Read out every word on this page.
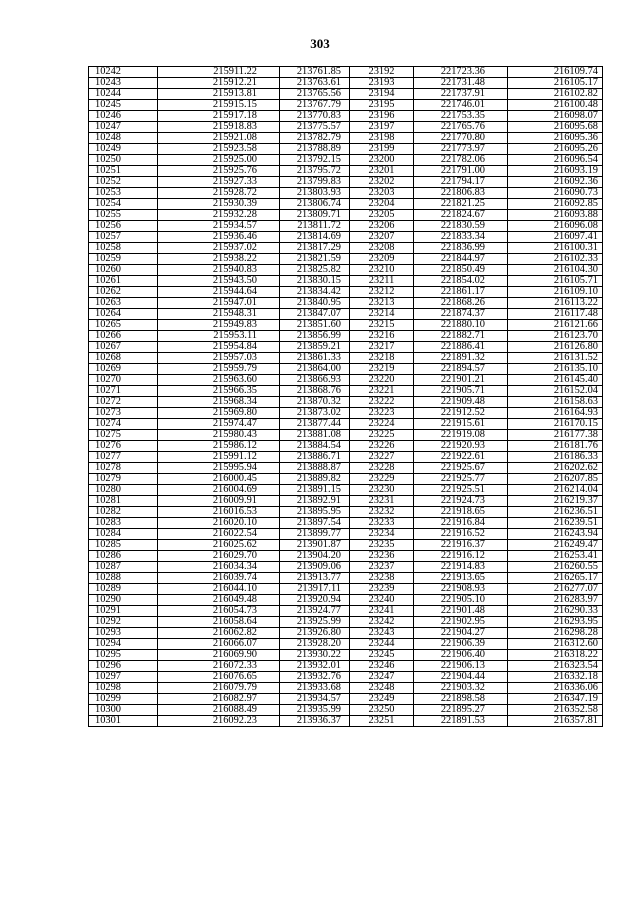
303
10242	215911.22	213761.85	23192	221723.36	216109.74
10243	215912.21	213763.61	23193	221731.48	216105.17
10244	215913.81	213765.56	23194	221737.91	216102.82
10245	215915.15	213767.79	23195	221746.01	216100.48
10246	215917.18	213770.83	23196	221753.35	216098.07
10247	215918.83	213775.57	23197	221765.76	216095.68
10248	215921.08	213782.79	23198	221770.80	216095.36
10249	215923.58	213788.89	23199	221773.97	216095.26
10250	215925.00	213792.15	23200	221782.06	216096.54
10251	215925.76	213795.72	23201	221791.00	216093.19
10252	215927.33	213799.83	23202	221794.17	216092.36
10253	215928.72	213803.93	23203	221806.83	216090.73
10254	215930.39	213806.74	23204	221821.25	216092.85
10255	215932.28	213809.71	23205	221824.67	216093.88
10256	215934.57	213811.72	23206	221830.59	216096.08
10257	215936.46	213814.69	23207	221833.34	216097.41
10258	215937.02	213817.29	23208	221836.99	216100.31
10259	215938.22	213821.59	23209	221844.97	216102.33
10260	215940.83	213825.82	23210	221850.49	216104.30
10261	215943.50	213830.15	23211	221854.02	216105.71
10262	215944.64	213834.42	23212	221861.17	216109.10
10263	215947.01	213840.95	23213	221868.26	216113.22
10264	215948.31	213847.07	23214	221874.37	216117.48
10265	215949.83	213851.60	23215	221880.10	216121.66
10266	215953.11	213856.99	23216	221882.71	216123.70
10267	215954.84	213859.21	23217	221886.41	216126.80
10268	215957.03	213861.33	23218	221891.32	216131.52
10269	215959.79	213864.00	23219	221894.57	216135.10
10270	215963.60	213866.93	23220	221901.21	216145.40
10271	215966.35	213868.76	23221	221905.71	216152.04
10272	215968.34	213870.32	23222	221909.48	216158.63
10273	215969.80	213873.02	23223	221912.52	216164.93
10274	215974.47	213877.44	23224	221915.61	216170.15
10275	215980.43	213881.08	23225	221919.08	216177.38
10276	215986.12	213884.54	23226	221920.93	216181.76
10277	215991.12	213886.71	23227	221922.61	216186.33
10278	215995.94	213888.87	23228	221925.67	216202.62
10279	216000.45	213889.82	23229	221925.77	216207.85
10280	216004.69	213891.15	23230	221925.51	216214.04
10281	216009.91	213892.91	23231	221924.73	216219.37
10282	216016.53	213895.95	23232	221918.65	216236.51
10283	216020.10	213897.54	23233	221916.84	216239.51
10284	216022.54	213899.77	23234	221916.52	216243.94
10285	216025.62	213901.87	23235	221916.37	216249.47
10286	216029.70	213904.20	23236	221916.12	216253.41
10287	216034.34	213909.06	23237	221914.83	216260.55
10288	216039.74	213913.77	23238	221913.65	216265.17
10289	216044.10	213917.11	23239	221908.93	216277.07
10290	216049.48	213920.94	23240	221905.10	216283.97
10291	216054.73	213924.77	23241	221901.48	216290.33
10292	216058.64	213925.99	23242	221902.95	216293.95
10293	216062.82	213926.80	23243	221904.27	216298.28
10294	216066.07	213928.20	23244	221906.39	216312.60
10295	216069.90	213930.22	23245	221906.40	216318.22
10296	216072.33	213932.01	23246	221906.13	216323.54
10297	216076.65	213932.76	23247	221904.44	216332.18
10298	216079.79	213933.68	23248	221903.32	216336.06
10299	216082.97	213934.57	23249	221898.58	216347.19
10300	216088.49	213935.99	23250	221895.27	216352.58
10301	216092.23	213936.37	23251	221891.53	216357.81
